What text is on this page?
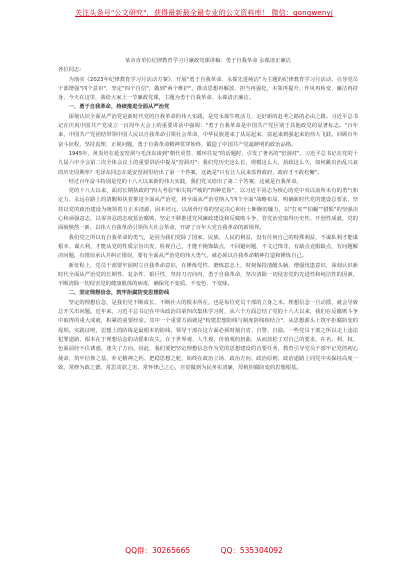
关注头条号"公文研究"，获得最新最全最专业的公文资料库！ 微信：gongwenyj

某市直单位纪律教育学习月廉政党课讲稿：勇于自我革命 永葆清正廉洁

各位同志：

为落实《2023年纪律教育学习月活动方案》，开展"勇于自我革命、永葆先进纯洁"为主题的纪律教育学习月活动，引导党员干部增强"四个意识"，坚定"四个自信"，做到"两个维护"，推动思想再解放、担当再强化，本领再提升、作风再转变、廉洁再持身，今天在这里，我给大家上一节廉政党课，主题为勇于自我革命、永葆清正廉洁。

一、勇于自我革命，持续推进全面从严治党

深刻认识全面从严治党是新时代党的自我革命的伟大实践，是党永葆生机活力、走好新的赶考之路的必由之路。习近平总书记在庆祝中国共产党成立一百周年大会上的重要讲话中强调："勇于自我革命是中国共产党区别于其他政党的显著标志。"百年来，中国共产党团结带领中国人民以自我革命引领社会革命，中华民族迎来了从站起来、富起来到强起来的伟大飞跃。回顾百年奋斗征程，坚持真理、正视问题，勇于自我革命精神贯穿始终，锻造了中国共产党最鲜明的政治品格。

1945年，黄炎培在延安窑洞与毛泽东谈到"朝代更替、循环往复"的话题时，引发了著名的"窑洞对"。习近平总书记在党的十九届六中全会第二次全体会议上的重要讲话中提及"窑洞对"：我们党历史这么长、规模这么大、执政这么久，如何跳出治乱兴衰的历史周期率？毛泽东同志在延安窑洞里给出了第一个答案，这就是"只有让人民来监督政府，政府才不敢松懈"。

经过百年奋斗特别是党的十八大以来新的伟大实践，我们党又给出了第二个答案，这就是自我革命。

党的十八大以来，面对长期执政的"四大考验"和尖锐严峻的"四种危险"，以习近平同志为核心的党中央以前所未有的勇气和定力、永远在路上的清醒和执着推进全面从严治党，将全面从严治党纳入"四个全面"战略布局，明确新时代党的建设总要求，坚持以党的政治建设为统领着力正本清源，固本培元，以刮骨疗毒的坚定决心和壮士断腕的魄力，以"打虎""拍蝇""猎狐"的坚强决心和顽强意志，以零容忍的态度惩治腐败，坚定不移推进党风廉政建设和反腐败斗争，管党治党取得历史性、开创性成就，党的面貌焕然一新，以伟大自我革命引领伟大社会革命，开辟了百年大党自我革命的新境界。

我们党之所以有自我革命的勇气，是因为我们党除了国家、民族、人民的利益，没有任何自己的特殊利益，不谋私利才能谋根本、谋大利，才能从党的性质宗旨出发，检视自己，才能不掩饰缺点，不回避问题，不文过饰非，有缺点克服缺点，有问题解决问题，有错误承认并纠正错误，要有全面从严治党的伟大勇气，就必须以自我革命精神打造和锤炼自己。

新征程上，党员干部要牢固树立自我革命意识，在锤炼党性、磨炼意志上，时刻保持清醒头脑，增强忧患意识，深刻认识新时代全面从严治党的长期性、复杂性、艰巨性，坚持刀刃向内，勇于自我革命，坚决清除一切侵害党的先进性和纯洁性的因素，不断清除一切侵害党的健康肌体的病毒，确保党不变质、不变色、不变味。

二、坚定理想信念，筑牢拒腐防变思想防线

坚定的理想信念，是我们党不断成长、不断壮大的根本所在，也是每位党员干部的立身之本。理想信念一旦动摇，就会导致总开关出问题。近年来，习近平总书记在中央政治局第四次集体学习时，从六个方面总结了党的十八大以来，我们在反腐败斗争中取得的重大成就，积累的重要经验。其中一个重要方面就是"构建思想防线与制度防线相结合"，从思想源头上筑牢拒腐防变的堤坝。实践证明，思想上的防线是最根本的防线，领导干部在这方面必须时刻自省、自警、自励。一些党员干部之所以走上违法犯罪道路，根本在于理想信念的动摇和丧失，在于世界观、人生观、价值观的扭曲，从而放松了对自己的要求，在名、利、权、色面前经不住诱惑，迷失了方向。因此，我们要把坚定理想信念作为党的思想建设的首要任务，教育引导党员干部牢记党的初心使命，筑牢信仰之基、补足精神之钙、把稳思想之舵，始终在政治立场、政治方向、政治原则、政治道路上同党中央保持高度一致，常修为政之德、常思贪欲之害、常怀律己之心，自觉做到为民务实清廉，厚植拒腐防变的思想根基。

QQ群：30265665	QQ：535304092
